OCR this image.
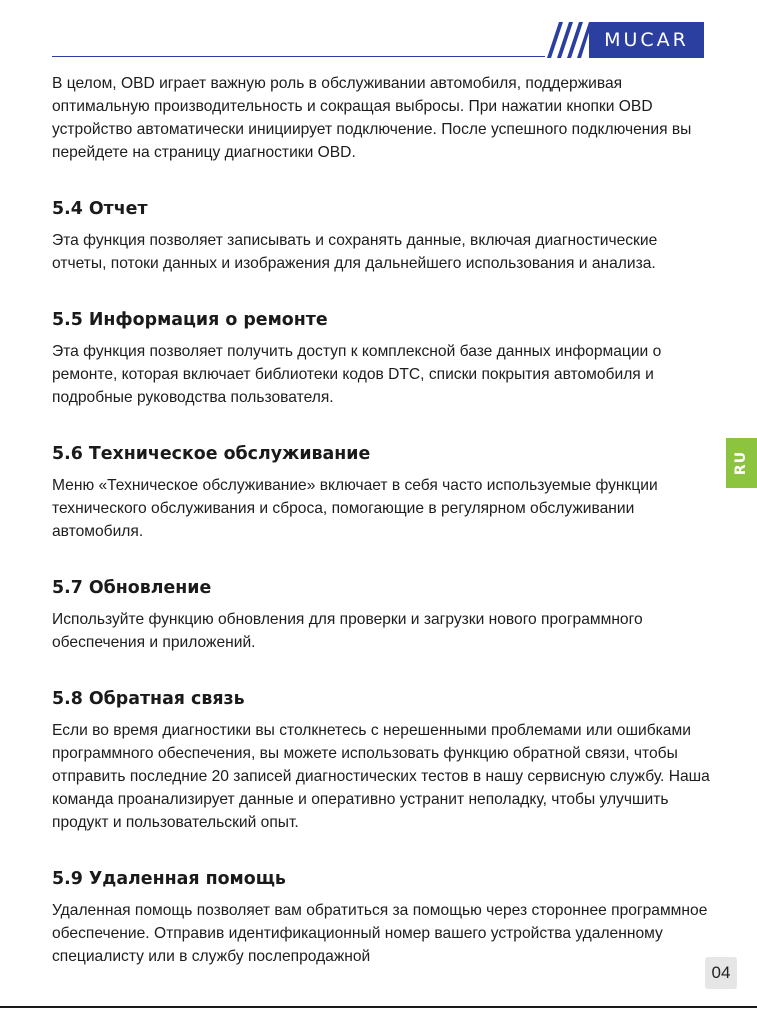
MUCAR

В целом, OBD играет важную роль в обслуживании автомобиля, поддерживая оптимальную производительность и сокращая выбросы. При нажатии кнопки OBD устройство автоматически инициирует подключение. После успешного подключения вы перейдете на страницу диагностики OBD.

5.4 Отчет

Эта функция позволяет записывать и сохранять данные, включая диагностические отчеты, потоки данных и изображения для дальнейшего использования и анализа.

5.5 Информация о ремонте

Эта функция позволяет получить доступ к комплексной базе данных информации о ремонте, которая включает библиотеки кодов DTC, списки покрытия автомобиля и подробные руководства пользователя.

5.6 Техническое обслуживание

Меню «Техническое обслуживание» включает в себя часто используемые функции технического обслуживания и сброса, помогающие в регулярном обслуживании автомобиля.

5.7 Обновление

Используйте функцию обновления для проверки и загрузки нового программного обеспечения и приложений.

5.8 Обратная связь

Если во время диагностики вы столкнетесь с нерешенными проблемами или ошибками программного обеспечения, вы можете использовать функцию обратной связи, чтобы отправить последние 20 записей диагностических тестов в нашу сервисную службу. Наша команда проанализирует данные и оперативно устранит неполадку, чтобы улучшить продукт и пользовательский опыт.

5.9 Удаленная помощь

Удаленная помощь позволяет вам обратиться за помощью через стороннее программное обеспечение. Отправив идентификационный номер вашего устройства удаленному специалисту или в службу послепродажной

RU
04
